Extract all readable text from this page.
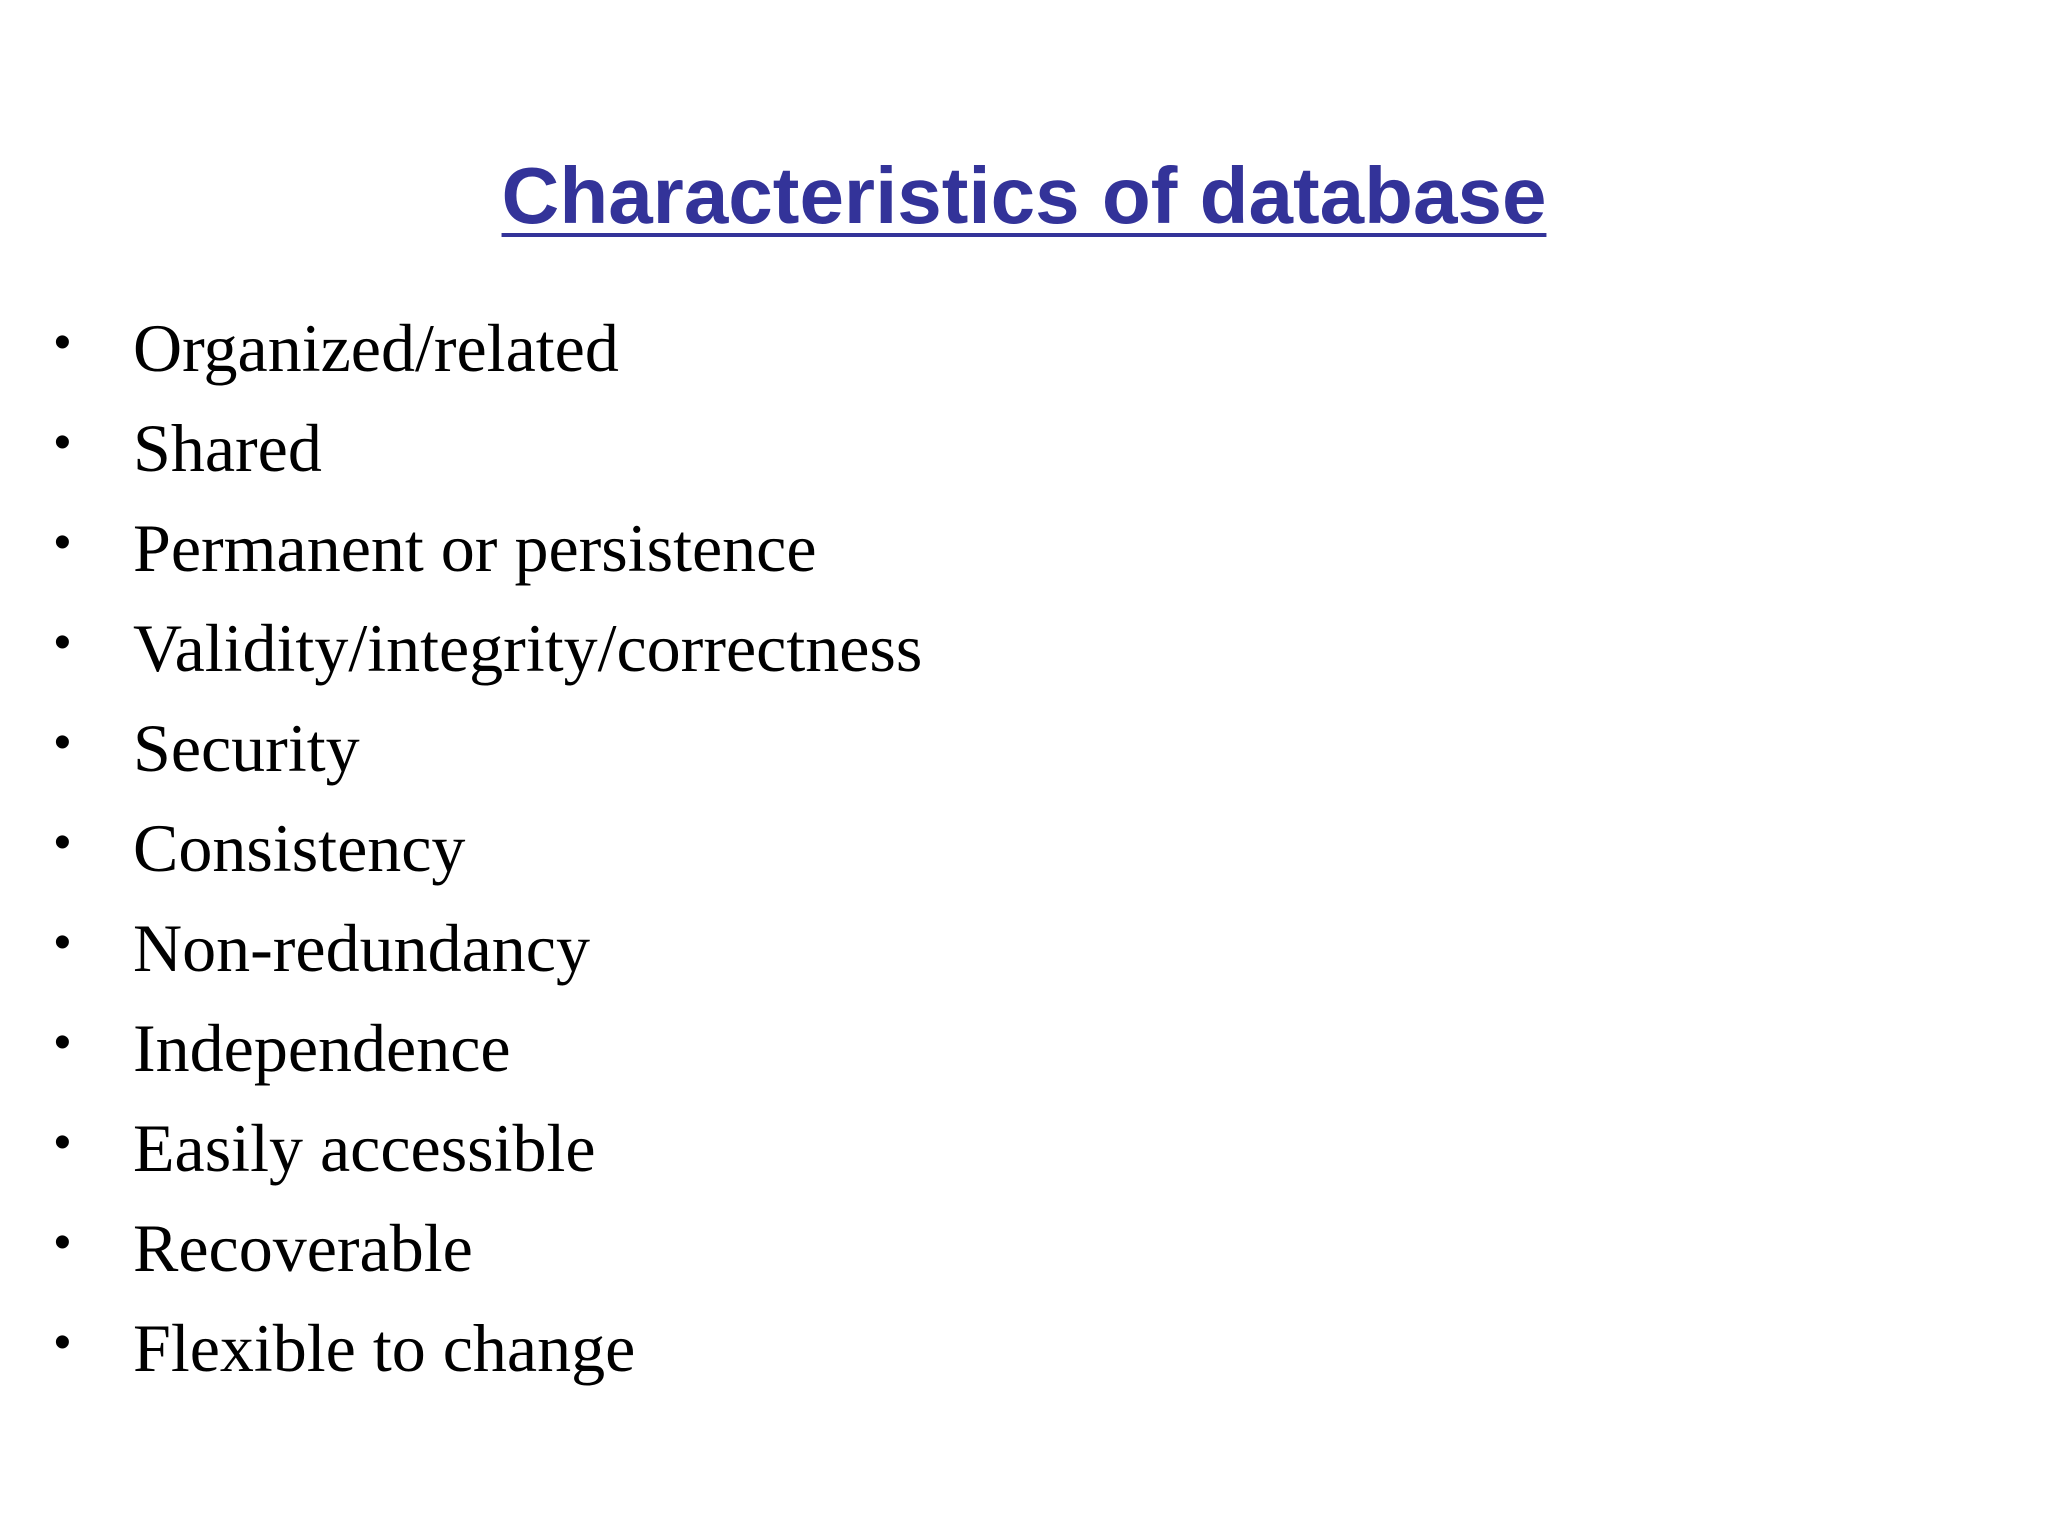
Characteristics of database
• Organized/related
• Shared
• Permanent or persistence
• Validity/integrity/correctness
• Security
• Consistency
• Non-redundancy
• Independence
• Easily accessible
• Recoverable
• Flexible to change
